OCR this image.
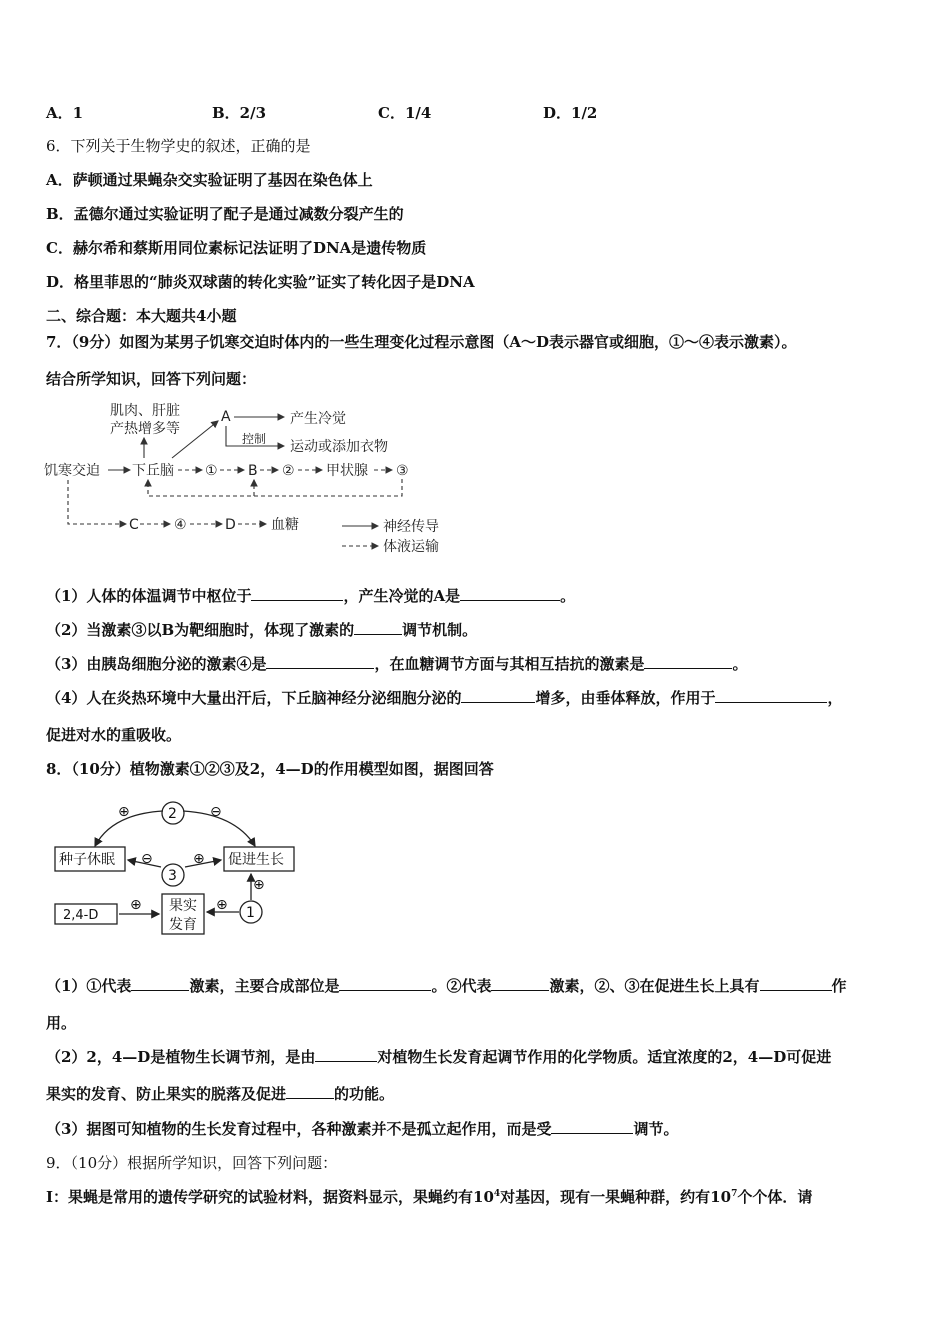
A．1	B．2/3	C．1/4	D．1/2
6．下列关于生物学史的叙述，正确的是
A．萨顿通过果蝇杂交实验证明了基因在染色体上
B．孟德尔通过实验证明了配子是通过减数分裂产生的
C．赫尔希和蔡斯用同位素标记法证明了DNA是遗传物质
D．格里菲思的“肺炎双球菌的转化实验”证实了转化因子是DNA
二、综合题：本大题共4小题
7．（9分）如图为某男子饥寒交迫时体内的一些生理变化过程示意图（A～D表示器官或细胞，①～④表示激素）。
结合所学知识，回答下列问题：
肌肉、肝脏
产热增多等
A	产生冷觉
控制 运动或添加衣物
饥寒交迫 下丘脑 ① B ② 甲状腺 ③
C	④	D	血糖	神经传导
体液运输
（1）人体的体温调节中枢位于	，产生冷觉的A是	。
（2）当激素③以B为靶细胞时，体现了激素的	调节机制。
（3）由胰岛细胞分泌的激素④是	，在血糖调节方面与其相互拮抗的激素是	。
（4）人在炎热环境中大量出汗后，下丘脑神经分泌细胞分泌的	增多，由垂体释放，作用于	，
促进对水的重吸收。
8．（10分）植物激素①②③及2，4—D的作用模型如图，据图回答
种子休眠	促进生长
2,4-D
果实
发育
2
3
1
⊕	⊖
⊖	⊕
⊕
⊕	⊕
（1）①代表	激素，主要合成部位是	。②代表	激素，②、③在促进生长上具有	作
用。
（2）2，4—D是植物生长调节剂，是由	对植物生长发育起调节作用的化学物质。适宜浓度的2，4—D可促进
果实的发育、防止果实的脱落及促进	的功能。
（3）据图可知植物的生长发育过程中，各种激素并不是孤立起作用，而是受	调节。
9．（10分）根据所学知识，回答下列问题：
Ⅰ：果蝇是常用的遗传学研究的试验材料，据资料显示，果蝇约有$10^4$对基因，现有一果蝇种群，约有$10^7$个个体．请
